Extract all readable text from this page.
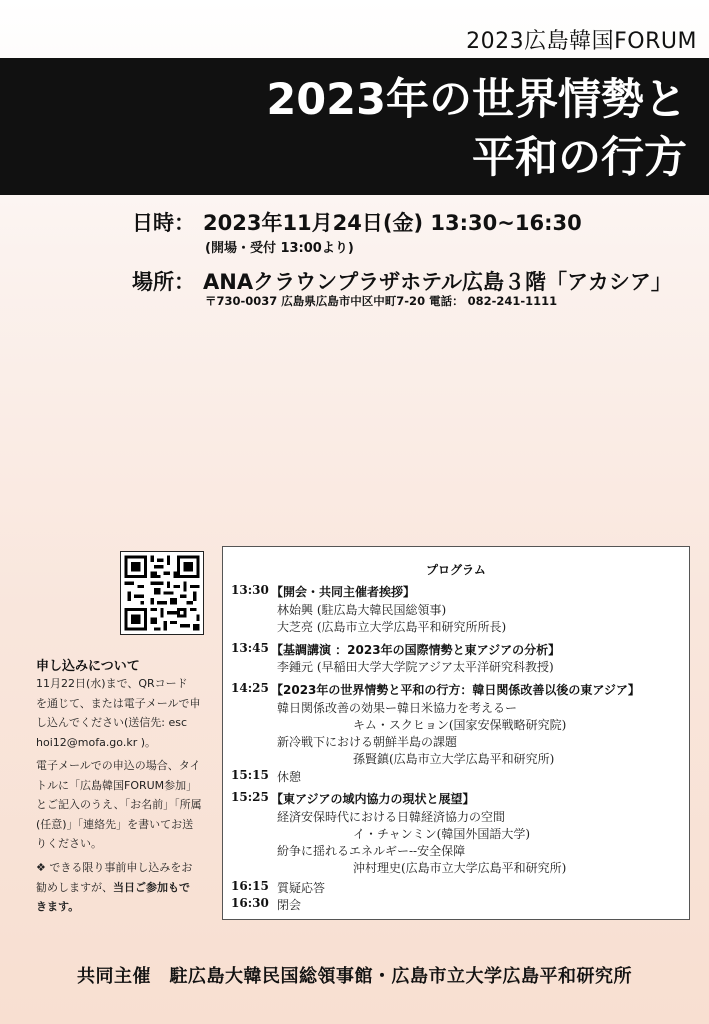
2023広島韓国FORUM
2023年の世界情勢と
平和の行方
日時： 2023年11月24日(金) 13:30~16:30
(開場・受付 13:00より)
場所： ANAクラウンプラザホテル広島３階「アカシア」
〒730-0037 広島県広島市中区中町7-20 電話： 082-241-1111
申し込みについて
11月22日(水)まで、QRコード
を通じて、または電子メールで申
し込んでください(送信先: esc
hoi12@mofa.go.kr )。
電子メールでの申込の場合、タイ
トルに「広島韓国FORUM参加」
とご記入のうえ、「お名前」「所属
(任意)」「連絡先」を書いてお送
りください。
❖ できる限り事前申し込みをお
勧めしますが、当日ご参加もで
きます。
プログラム
13:30 【開会・共同主催者挨拶】
林始興 (駐広島大韓民国総領事)
大芝亮 (広島市立大学広島平和研究所所長)
13:45 【基調講演 ：2023年の国際情勢と東アジアの分析】
李鍾元 (早稲田大学大学院アジア太平洋研究科教授)
14:25 【2023年の世界情勢と平和の行方：韓日関係改善以後の東アジア】
韓日関係改善の効果ー韓日米協力を考えるー
キム・スクヒョン(国家安保戦略研究院)
新冷戦下における朝鮮半島の課題
孫賢鎮(広島市立大学広島平和研究所)
15:15 休憩
15:25 【東アジアの域内協力の現状と展望】
経済安保時代における日韓経済協力の空間
イ・チャンミン(韓国外国語大学)
紛争に揺れるエネルギー--安全保障
沖村理史(広島市立大学広島平和研究所)
16:15 質疑応答
16:30 閉会
共同主催　駐広島大韓民国総領事館・広島市立大学広島平和研究所
